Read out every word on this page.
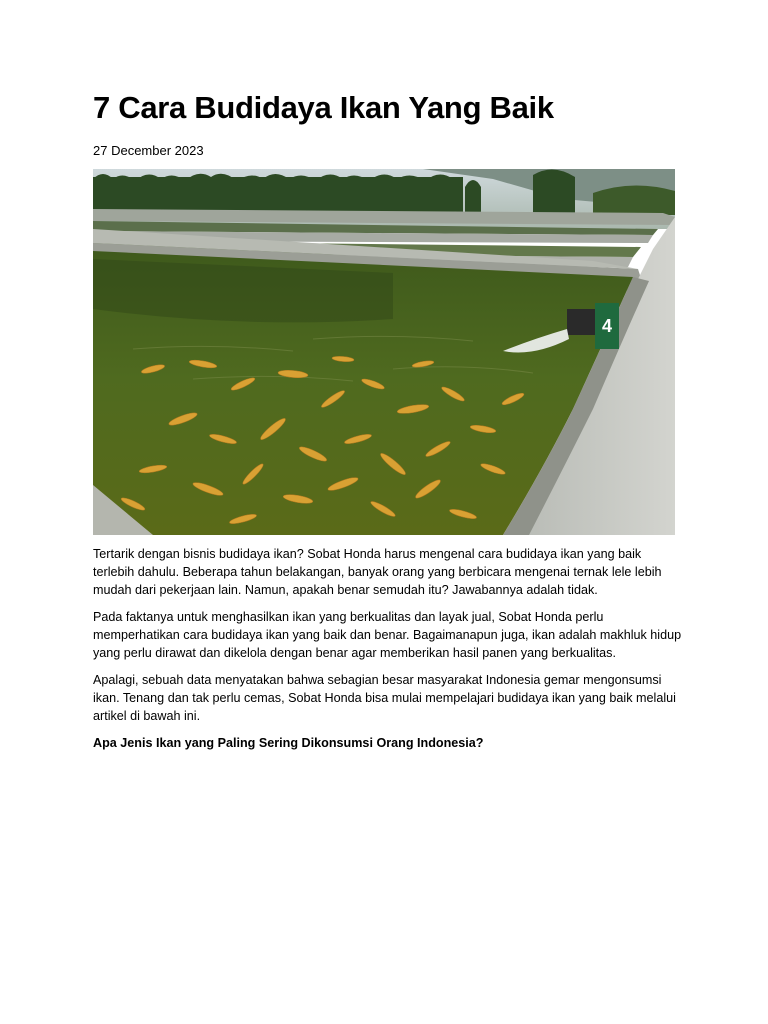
7 Cara Budidaya Ikan Yang Baik
27 December 2023
4

Tertarik dengan bisnis budidaya ikan? Sobat Honda harus mengenal cara budidaya ikan yang baik terlebih dahulu. Beberapa tahun belakangan, banyak orang yang berbicara mengenai ternak lele lebih mudah dari pekerjaan lain. Namun, apakah benar semudah itu? Jawabannya adalah tidak.

Pada faktanya untuk menghasilkan ikan yang berkualitas dan layak jual, Sobat Honda perlu memperhatikan cara budidaya ikan yang baik dan benar. Bagaimanapun juga, ikan adalah makhluk hidup yang perlu dirawat dan dikelola dengan benar agar memberikan hasil panen yang berkualitas.

Apalagi, sebuah data menyatakan bahwa sebagian besar masyarakat Indonesia gemar mengonsumsi ikan. Tenang dan tak perlu cemas, Sobat Honda bisa mulai mempelajari budidaya ikan yang baik melalui artikel di bawah ini.

Apa Jenis Ikan yang Paling Sering Dikonsumsi Orang Indonesia?
